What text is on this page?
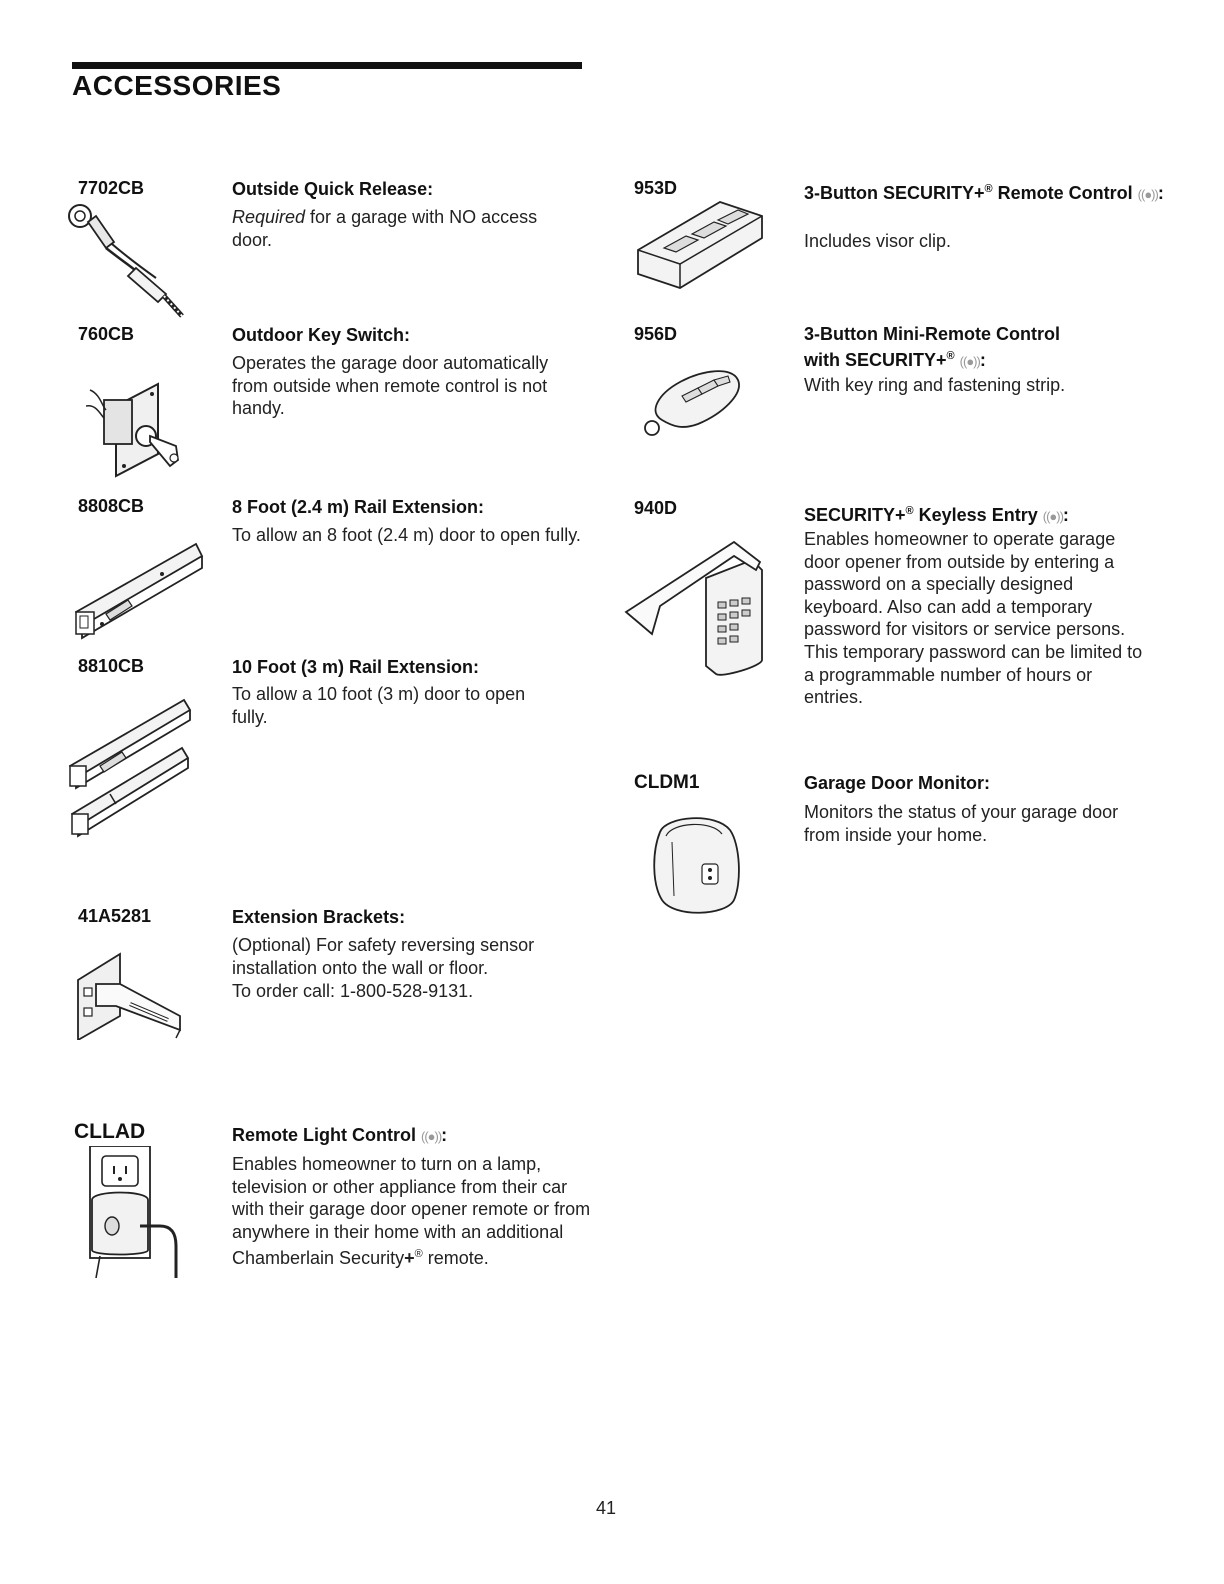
ACCESSORIES
7702CB	Outside Quick Release:

Required for a garage with NO access door.

760CB	Outdoor Key Switch:

Operates the garage door automatically from outside when remote control is not handy.

8808CB	8 Foot (2.4 m) Rail Extension:

To allow an 8 foot (2.4 m) door to open fully.

8810CB	10 Foot (3 m) Rail Extension:

To allow a 10 foot (3 m) door to open fully.

41A5281	Extension Brackets:

(Optional) For safety reversing sensor installation onto the wall or floor.

To order call: 1-800-528-9131.

CLLAD	Remote Light Control ((●)):

Enables homeowner to turn on a lamp, television or other appliance from their car with their garage door opener remote or from anywhere in their home with an additional Chamberlain Security+® remote.

953D	3-Button SECURITY+® Remote Control ((●)):

Includes visor clip.

956D	3-Button Mini-Remote Control
with SECURITY+® ((●)):

With key ring and fastening strip.

940D	SECURITY+® Keyless Entry ((●)):

Enables homeowner to operate garage door opener from outside by entering a password on a specially designed keyboard. Also can add a temporary password for visitors or service persons. This temporary password can be limited to a programmable number of hours or entries.

CLDM1	Garage Door Monitor:

Monitors the status of your garage door from inside your home.

41
